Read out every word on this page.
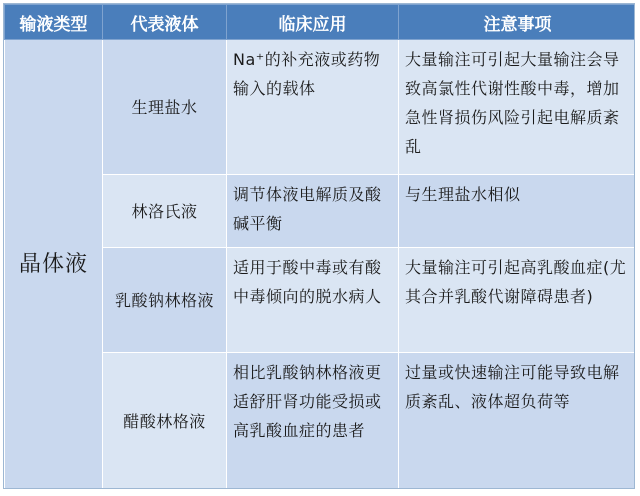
输液类型	代表液体	临床应用	注意事项
晶体液	生理盐水	Na⁺的补充液或药物输入的载体	大量输注可引起大量输注会导致高氯性代谢性酸中毒，增加急性肾损伤风险引起电解质紊乱
	林洛氏液	调节体液电解质及酸碱平衡	与生理盐水相似
	乳酸钠林格液	适用于酸中毒或有酸中毒倾向的脱水病人	大量输注可引起高乳酸血症(尤其合并乳酸代谢障碍患者)
	醋酸林格液	相比乳酸钠林格液更适舒肝肾功能受损或高乳酸血症的患者	过量或快速输注可能导致电解质紊乱、液体超负荷等
